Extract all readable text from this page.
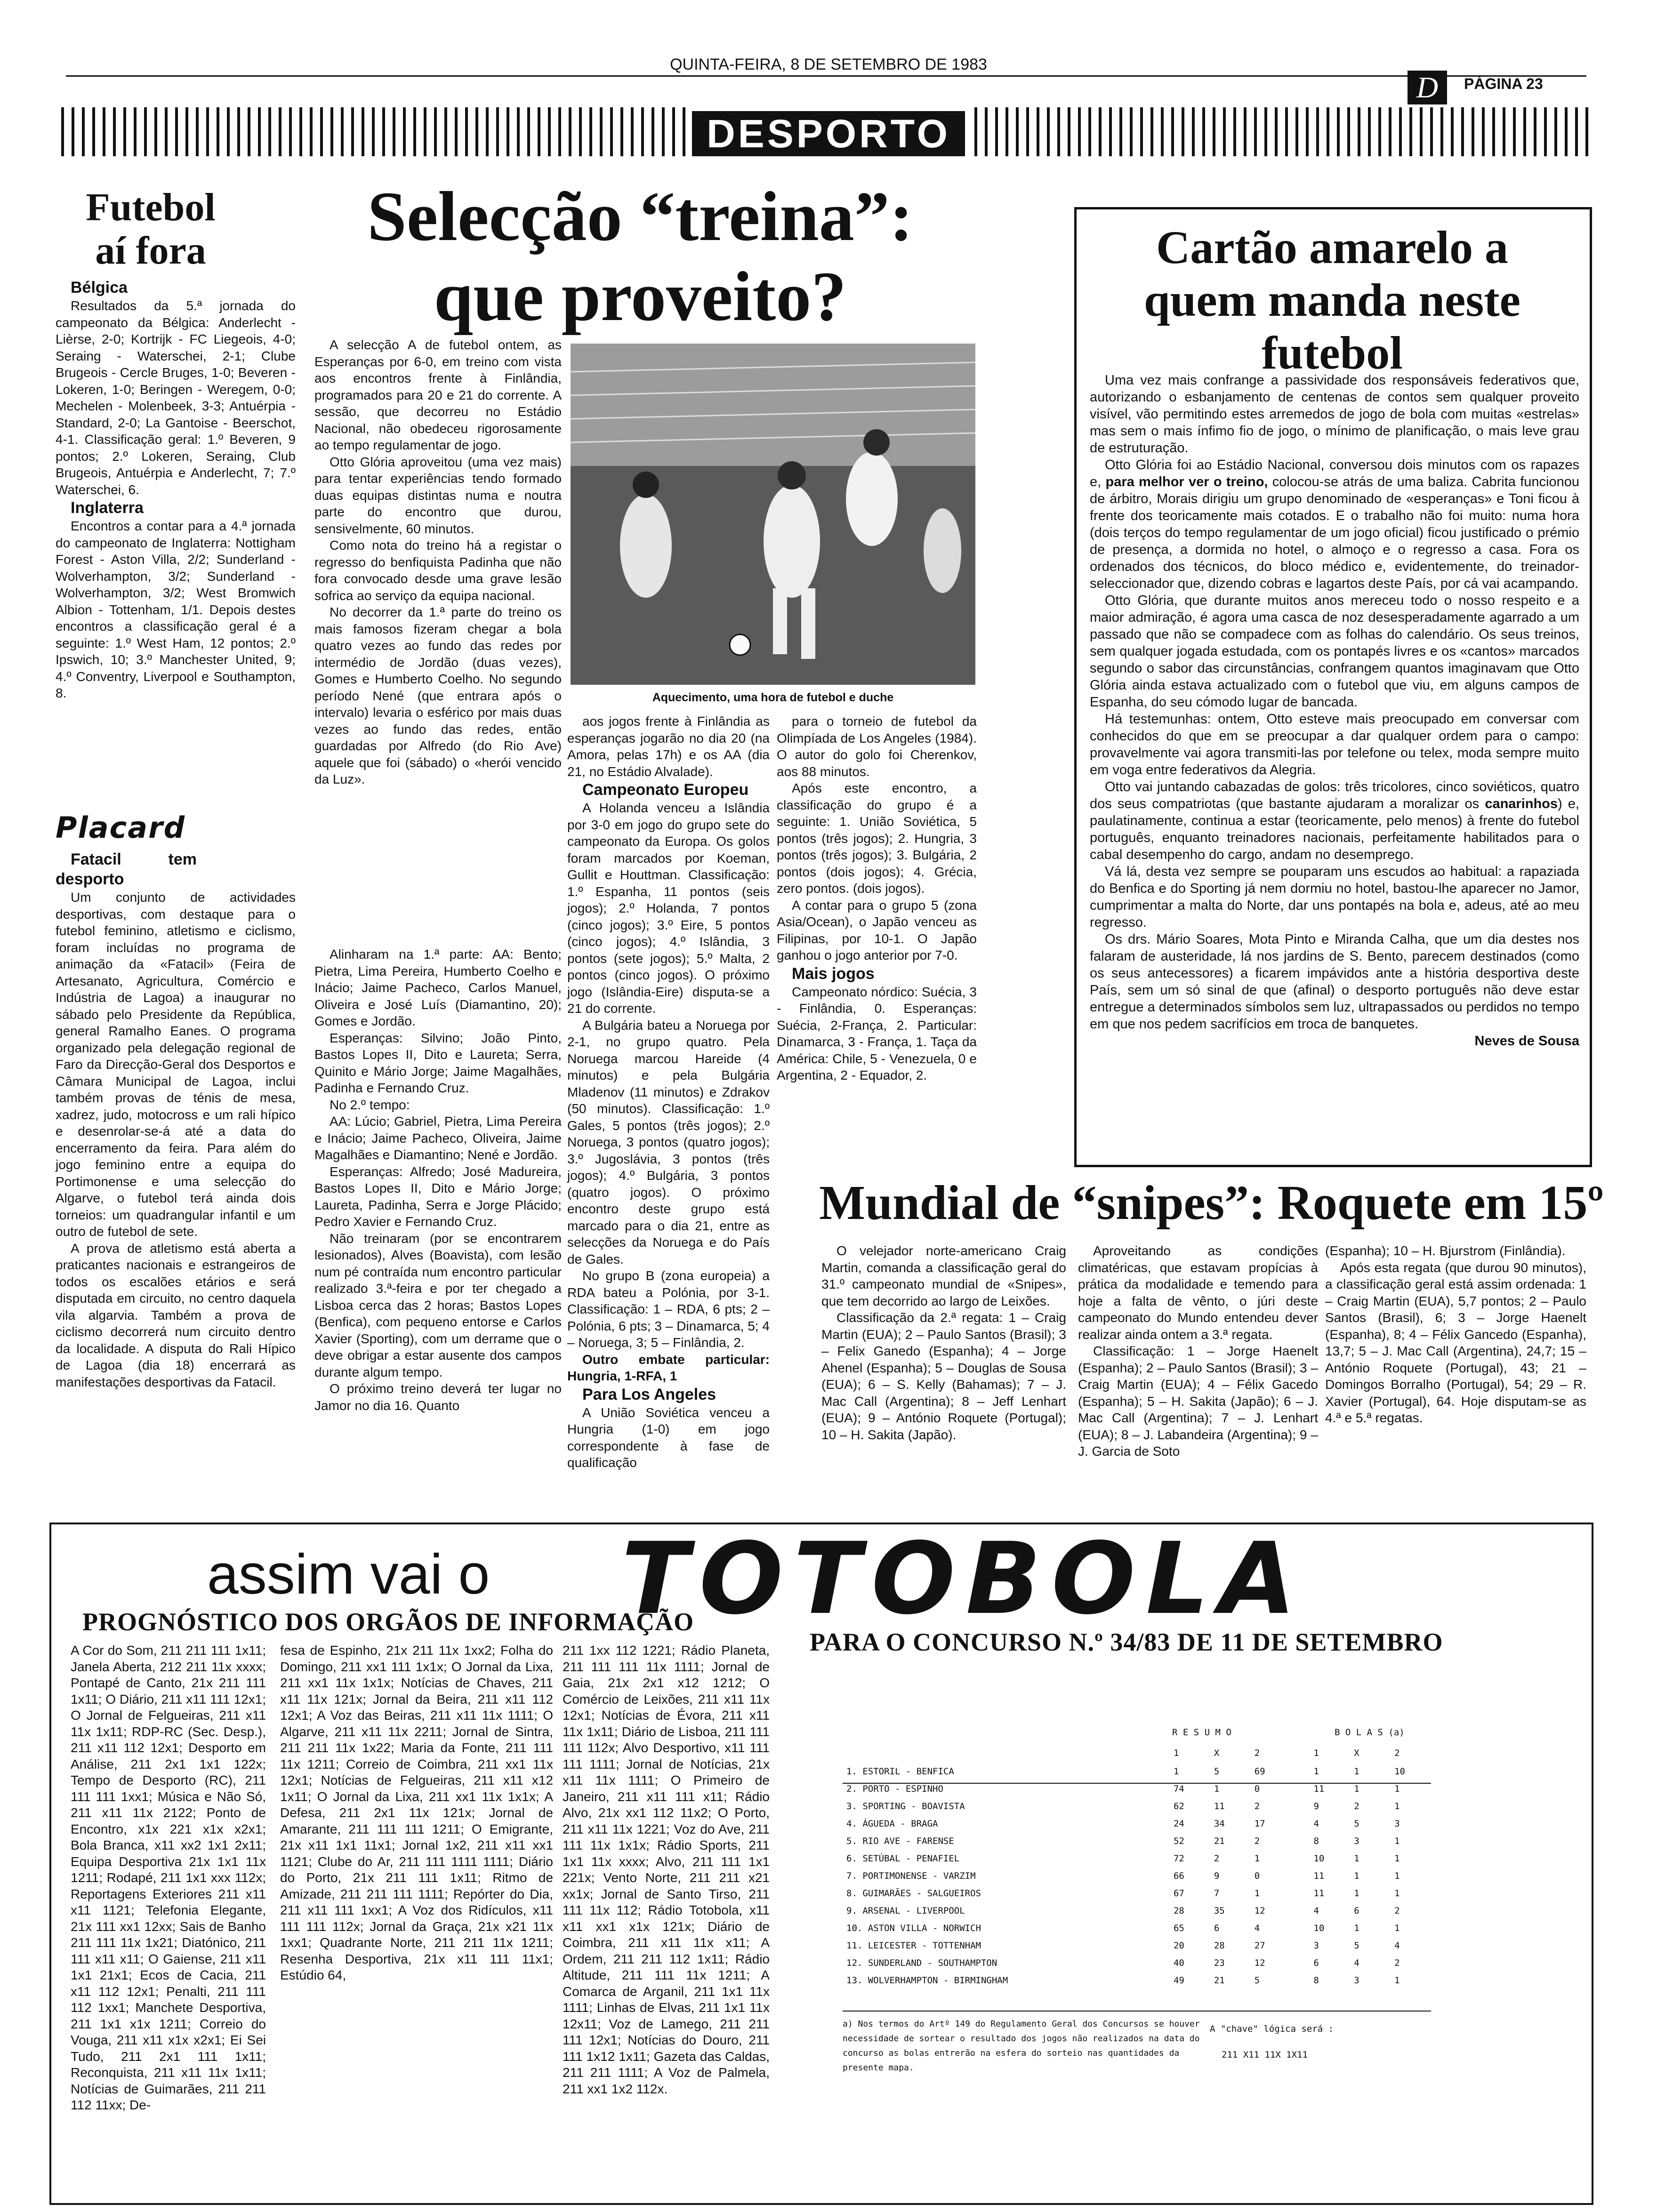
QUINTA-FEIRA, 8 DE SETEMBRO DE 1983
D	PÁGINA 23
DESPORTO
Futebol aí fora

Bélgica

Resultados da 5.ª jornada do campeonato da Bélgica: Anderlecht - Lièrse, 2-0; Kortrijk - FC Liegeois, 4-0; Seraing - Waterschei, 2-1; Clube Brugeois - Cercle Bruges, 1-0; Beveren - Lokeren, 1-0; Beringen - Weregem, 0-0; Mechelen - Molenbeek, 3-3; Antuérpia - Standard, 2-0; La Gantoise - Beerschot, 4-1. Classificação geral: 1.º Beveren, 9 pontos; 2.º Lokeren, Seraing, Club Brugeois, Antuérpia e Anderlecht, 7; 7.º Waterschei, 6.

Inglaterra

Encontros a contar para a 4.ª jornada do campeonato de Inglaterra: Nottigham Forest - Aston Villa, 2/2; Sunderland - Wolverhampton, 3/2; Sunderland -Wolverhampton, 3/2; West Bromwich Albion - Tottenham, 1/1. Depois destes encontros a classificação geral é a seguinte: 1.º West Ham, 12 pontos; 2.º Ipswich, 10; 3.º Manchester United, 9; 4.º Conventry, Liverpool e Southampton, 8.

Placard

Fatacil tem desporto

Um conjunto de actividades desportivas, com destaque para o futebol feminino, atletismo e ciclismo, foram incluídas no programa de animação da «Fatacil» (Feira de Artesanato, Agricultura, Comércio e Indústria de Lagoa) a inaugurar no sábado pelo Presidente da República, general Ramalho Eanes. O programa organizado pela delegação regional de Faro da Direcção-Geral dos Desportos e Câmara Municipal de Lagoa, inclui também provas de ténis de mesa, xadrez, judo, motocross e um rali hípico e desenrolar-se-á até a data do encerramento da feira. Para além do jogo feminino entre a equipa do Portimonense e uma selecção do Algarve, o futebol terá ainda dois torneios: um quadrangular infantil e um outro de futebol de sete.

A prova de atletismo está aberta a praticantes nacionais e estrangeiros de todos os escalões etários e será disputada em circuito, no centro daquela vila algarvia. Também a prova de ciclismo decorrerá num circuito dentro da localidade. A disputa do Rali Hípico de Lagoa (dia 18) encerrará as manifestações desportivas da Fatacil.

Selecção “treina”:
que proveito?

A selecção A de futebol ontem, as Esperanças por 6-0, em treino com vista aos encontros frente à Finlândia, programados para 20 e 21 do corrente. A sessão, que decorreu no Estádio Nacional, não obedeceu rigorosamente ao tempo regulamentar de jogo.

Otto Glória aproveitou (uma vez mais) para tentar experiências tendo formado duas equipas distintas numa e noutra parte do encontro que durou, sensivelmente, 60 minutos.

Como nota do treino há a registar o regresso do benfiquista Padinha que não fora convocado desde uma grave lesão sofrica ao serviço da equipa nacional.

No decorrer da 1.ª parte do treino os mais famosos fizeram chegar a bola quatro vezes ao fundo das redes por intermédio de Jordão (duas vezes), Gomes e Humberto Coelho. No segundo período Nené (que entrara após o intervalo) levaria o esférico por mais duas vezes ao fundo das redes, então guardadas por Alfredo (do Rio Ave) aquele que foi (sábado) o «herói vencido da Luz».

Alinharam na 1.ª parte: AA: Bento; Pietra, Lima Pereira, Humberto Coelho e Inácio; Jaime Pacheco, Carlos Manuel, Oliveira e José Luís (Diamantino, 20); Gomes e Jordão.

Esperanças: Silvino; João Pinto, Bastos Lopes II, Dito e Laureta; Serra, Quinito e Mário Jorge; Jaime Magalhães, Padinha e Fernando Cruz.

No 2.º tempo:

AA: Lúcio; Gabriel, Pietra, Lima Pereira e Inácio; Jaime Pacheco, Oliveira, Jaime Magalhães e Diamantino; Nené e Jordão.

Esperanças: Alfredo; José Madureira, Bastos Lopes II, Dito e Mário Jorge; Laureta, Padinha, Serra e Jorge Plácido; Pedro Xavier e Fernando Cruz.

Não treinaram (por se encontrarem lesionados), Alves (Boavista), com lesão num pé contraída num encontro particular realizado 3.ª-feira e por ter chegado a Lisboa cerca das 2 horas; Bastos Lopes (Benfica), com pequeno entorse e Carlos Xavier (Sporting), com um derrame que o deve obrigar a estar ausente dos campos durante algum tempo.

O próximo treino deverá ter lugar no Jamor no dia 16. Quanto

Aquecimento, uma hora de futebol e duche

aos jogos frente à Finlândia as esperanças jogarão no dia 20 (na Amora, pelas 17h) e os AA (dia 21, no Estádio Alvalade).

Campeonato Europeu

A Holanda venceu a Islândia por 3-0 em jogo do grupo sete do campeonato da Europa. Os golos foram marcados por Koeman, Gullit e Houttman. Classificação: 1.º Espanha, 11 pontos (seis jogos); 2.º Holanda, 7 pontos (cinco jogos); 3.º Eire, 5 pontos (cinco jogos); 4.º Islândia, 3 pontos (sete jogos); 5.º Malta, 2 pontos (cinco jogos). O próximo jogo (Islândia-Eire) disputa-se a 21 do corrente.

A Bulgária bateu a Noruega por 2-1, no grupo quatro. Pela Noruega marcou Hareide (4 minutos) e pela Bulgária Mladenov (11 minutos) e Zdrakov (50 minutos). Classificação: 1.º Gales, 5 pontos (três jogos); 2.º Noruega, 3 pontos (quatro jogos); 3.º Jugoslávia, 3 pontos (três jogos); 4.º Bulgária, 3 pontos (quatro jogos). O próximo encontro deste grupo está marcado para o dia 21, entre as selecções da Noruega e do País de Gales.

No grupo B (zona europeia) a RDA bateu a Polónia, por 3-1. Classificação: 1 – RDA, 6 pts; 2 – Polónia, 6 pts; 3 – Dinamarca, 5; 4 – Noruega, 3; 5 – Finlândia, 2.

Outro embate particular: Hungria, 1-RFA, 1

Para Los Angeles

A União Soviética venceu a Hungria (1-0) em jogo correspondente à fase de qualificação

para o torneio de futebol da Olimpíada de Los Angeles (1984). O autor do golo foi Cherenkov, aos 88 minutos.

Após este encontro, a classificação do grupo é a seguinte: 1. União Soviética, 5 pontos (três jogos); 2. Hungria, 3 pontos (três jogos); 3. Bulgária, 2 pontos (dois jogos); 4. Grécia, zero pontos. (dois jogos).

A contar para o grupo 5 (zona Asia/Ocean), o Japão venceu as Filipinas, por 10-1. O Japão ganhou o jogo anterior por 7-0.

Mais jogos

Campeonato nórdico: Suécia, 3 - Finlândia, 0. Esperanças: Suécia, 2-França, 2. Particular: Dinamarca, 3 - França, 1. Taça da América: Chile, 5 - Venezuela, 0 e Argentina, 2 - Equador, 2.

Cartão amarelo a quem manda neste futebol

Uma vez mais confrange a passividade dos responsáveis federativos que, autorizando o esbanjamento de centenas de contos sem qualquer proveito visível, vão permitindo estes arremedos de jogo de bola com muitas «estrelas» mas sem o mais ínfimo fio de jogo, o mínimo de planificação, o mais leve grau de estruturação.

Otto Glória foi ao Estádio Nacional, conversou dois minutos com os rapazes e, para melhor ver o treino, colocou-se atrás de uma baliza. Cabrita funcionou de árbitro, Morais dirigiu um grupo denominado de «esperanças» e Toni ficou à frente dos teoricamente mais cotados. E o trabalho não foi muito: numa hora (dois terços do tempo regulamentar de um jogo oficial) ficou justificado o prémio de presença, a dormida no hotel, o almoço e o regresso a casa. Fora os ordenados dos técnicos, do bloco médico e, evidentemente, do treinador-seleccionador que, dizendo cobras e lagartos deste País, por cá vai acampando.

Otto Glória, que durante muitos anos mereceu todo o nosso respeito e a maior admiração, é agora uma casca de noz desesperadamente agarrado a um passado que não se compadece com as folhas do calendário. Os seus treinos, sem qualquer jogada estudada, com os pontapés livres e os «cantos» marcados segundo o sabor das circunstâncias, confrangem quantos imaginavam que Otto Glória ainda estava actualizado com o futebol que viu, em alguns campos de Espanha, do seu cómodo lugar de bancada.

Há testemunhas: ontem, Otto esteve mais preocupado em conversar com conhecidos do que em se preocupar a dar qualquer ordem para o campo: provavelmente vai agora transmiti-las por telefone ou telex, moda sempre muito em voga entre federativos da Alegria.

Otto vai juntando cabazadas de golos: três tricolores, cinco soviéticos, quatro dos seus compatriotas (que bastante ajudaram a moralizar os canarinhos) e, paulatinamente, continua a estar (teoricamente, pelo menos) à frente do futebol português, enquanto treinadores nacionais, perfeitamente habilitados para o cabal desempenho do cargo, andam no desemprego.

Vá lá, desta vez sempre se pouparam uns escudos ao habitual: a rapaziada do Benfica e do Sporting já nem dormiu no hotel, bastou-lhe aparecer no Jamor, cumprimentar a malta do Norte, dar uns pontapés na bola e, adeus, até ao meu regresso.

Os drs. Mário Soares, Mota Pinto e Miranda Calha, que um dia destes nos falaram de austeridade, lá nos jardins de S. Bento, parecem destinados (como os seus antecessores) a ficarem impávidos ante a história desportiva deste País, sem um só sinal de que (afinal) o desporto português não deve estar entregue a determinados símbolos sem luz, ultrapassados ou perdidos no tempo em que nos pedem sacrifícios em troca de banquetes.

Neves de Sousa

Mundial de “snipes”: Roquete em 15º

O velejador norte-americano Craig Martin, comanda a classificação geral do 31.º campeonato mundial de «Snipes», que tem decorrido ao largo de Leixões.

Classificação da 2.ª regata: 1 – Craig Martin (EUA); 2 – Paulo Santos (Brasil); 3 – Felix Ganedo (Espanha); 4 – Jorge Ahenel (Espanha); 5 – Douglas de Sousa (EUA); 6 – S. Kelly (Bahamas); 7 – J. Mac Call (Argentina); 8 – Jeff Lenhart (EUA); 9 – António Roquete (Portugal); 10 – H. Sakita (Japão).

Aproveitando as condições climatéricas, que estavam propícias à prática da modalidade e temendo para hoje a falta de vênto, o júri deste campeonato do Mundo entendeu dever realizar ainda ontem a 3.ª regata.

Classificação: 1 – Jorge Haenelt (Espanha); 2 – Paulo Santos (Brasil); 3 – Craig Martin (EUA); 4 – Félix Gacedo (Espanha); 5 – H. Sakita (Japão); 6 – J. Mac Call (Argentina); 7 – J. Lenhart (EUA); 8 – J. Labandeira (Argentina); 9 – J. Garcia de Soto

(Espanha); 10 – H. Bjurstrom (Finlândia).

Após esta regata (que durou 90 minutos), a classificação geral está assim ordenada: 1 – Craig Martin (EUA), 5,7 pontos; 2 – Paulo Santos (Brasil), 6; 3 – Jorge Haenelt (Espanha), 8; 4 – Félix Gancedo (Espanha), 13,7; 5 – J. Mac Call (Argentina), 24,7; 15 – António Roquete (Portugal), 43; 21 – Domingos Borralho (Portugal), 54; 29 – R. Xavier (Portugal), 64. Hoje disputam-se as 4.ª e 5.ª regatas.

assim vai o TOTOBOLA
PROGNÓSTICO DOS ORGÃOS DE INFORMAÇÃO
PARA O CONCURSO N.º 34/83 DE 11 DE SETEMBRO

A Cor do Som, 211 211 111 1x11; Janela Aberta, 212 211 11x xxxx; Pontapé de Canto, 21x 211 111 1x11; O Diário, 211 x11 111 12x1; O Jornal de Felgueiras, 211 x11 11x 1x11; RDP-RC (Sec. Desp.), 211 x11 112 12x1; Desporto em Análise, 211 2x1 1x1 122x; Tempo de Desporto (RC), 211 111 111 1xx1; Música e Não Só, 211 x11 11x 2122; Ponto de Encontro, x1x 221 x1x x2x1; Bola Branca, x11 xx2 1x1 2x11; Equipa Desportiva 21x 1x1 11x 1211; Rodapé, 211 1x1 xxx 112x; Reportagens Exteriores 211 x11 x11 1121; Telefonia Elegante, 21x 111 xx1 12xx; Sais de Banho 211 111 11x 1x21; Diatónico, 211 111 x11 x11; O Gaiense, 211 x11 1x1 21x1; Ecos de Cacia, 211 x11 112 12x1; Penalti, 211 111 112 1xx1; Manchete Desportiva, 211 1x1 x1x 1211; Correio do Vouga, 211 x11 x1x x2x1; Ei Sei Tudo, 211 2x1 111 1x11; Reconquista, 211 x11 11x 1x11; Notícias de Guimarães, 211 211 112 11xx; De-

fesa de Espinho, 21x 211 11x 1xx2; Folha do Domingo, 211 xx1 111 1x1x; O Jornal da Lixa, 211 xx1 11x 1x1x; Notícias de Chaves, 211 x11 11x 121x; Jornal da Beira, 211 x11 112 12x1; A Voz das Beiras, 211 x11 11x 1111; O Algarve, 211 x11 11x 2211; Jornal de Sintra, 211 211 11x 1x22; Maria da Fonte, 211 111 11x 1211; Correio de Coimbra, 211 xx1 11x 12x1; Notícias de Felgueiras, 211 x11 x12 1x11; O Jornal da Lixa, 211 xx1 11x 1x1x; A Defesa, 211 2x1 11x 121x; Jornal de Amarante, 211 111 111 1211; O Emigrante, 21x x11 1x1 11x1; Jornal 1x2, 211 x11 xx1 1121; Clube do Ar, 211 111 1111 1111; Diário do Porto, 21x 211 111 1x11; Ritmo de Amizade, 211 211 111 1111; Repórter do Dia, 211 x11 111 1xx1; A Voz dos Ridículos, x11 111 111 112x; Jornal da Graça, 21x x21 11x 1xx1; Quadrante Norte, 211 211 11x 1211; Resenha Desportiva, 21x x11 111 11x1; Estúdio 64,

211 1xx 112 1221; Rádio Planeta, 211 111 111 11x 1111; Jornal de Gaia, 21x 2x1 x12 1212; O Comércio de Leixões, 211 x11 11x 12x1; Notícias de Évora, 211 x11 11x 1x11; Diário de Lisboa, 211 111 111 112x; Alvo Desportivo, x11 111 111 1111; Jornal de Notícias, 21x x11 11x 1111; O Primeiro de Janeiro, 211 x11 111 x11; Rádio Alvo, 21x xx1 112 11x2; O Porto, 211 x11 11x 1221; Voz do Ave, 211 111 11x 1x1x; Rádio Sports, 211 1x1 11x xxxx; Alvo, 211 111 1x1 221x; Vento Norte, 211 211 x21 xx1x; Jornal de Santo Tirso, 211 111 11x 112; Rádio Totobola, x11 x11 xx1 x1x 121x; Diário de Coimbra, 211 x11 11x x11; A Ordem, 211 211 112 1x11; Rádio Altitude, 211 111 11x 1211; A Comarca de Arganil, 211 1x1 11x 1111; Linhas de Elvas, 211 1x1 11x 12x11; Voz de Lamego, 211 211 111 12x1; Notícias do Douro, 211 111 1x12 1x11; Gazeta das Caldas, 211 211 1111; A Voz de Palmela, 211 xx1 1x2 112x.

R E S U M O	B O L A S (a)
	1	X	2	1	X	2
1. ESTORIL - BENFICA	1	5	69	1	1	10
2. PORTO - ESPINHO	74	1	0	11	1	1
3. SPORTING - BOAVISTA	62	11	2	9	2	1
4. ÁGUEDA - BRAGA	24	34	17	4	5	3
5. RIO AVE - FARENSE	52	21	2	8	3	1
6. SETÚBAL - PENAFIEL	72	2	1	10	1	1
7. PORTIMONENSE - VARZIM	66	9	0	11	1	1
8. GUIMARÃES - SALGUEIROS	67	7	1	11	1	1
9. ARSENAL - LIVERPOOL	28	35	12	4	6	2
10. ASTON VILLA - NORWICH	65	6	4	10	1	1
11. LEICESTER - TOTTENHAM	20	28	27	3	5	4
12. SUNDERLAND - SOUTHAMPTON	40	23	12	6	4	2
13. WOLVERHAMPTON - BIRMINGHAM	49	21	5	8	3	1
a) Nos termos do Artº 149 do Regulamento Geral dos Concursos se houver necessidade de sortear o resultado dos jogos não realizados na data do concurso as bolas entrerão na esfera do sorteio nas quantidades da presente mapa.
A "chave" lógica será :
211 X11 11X 1X11
